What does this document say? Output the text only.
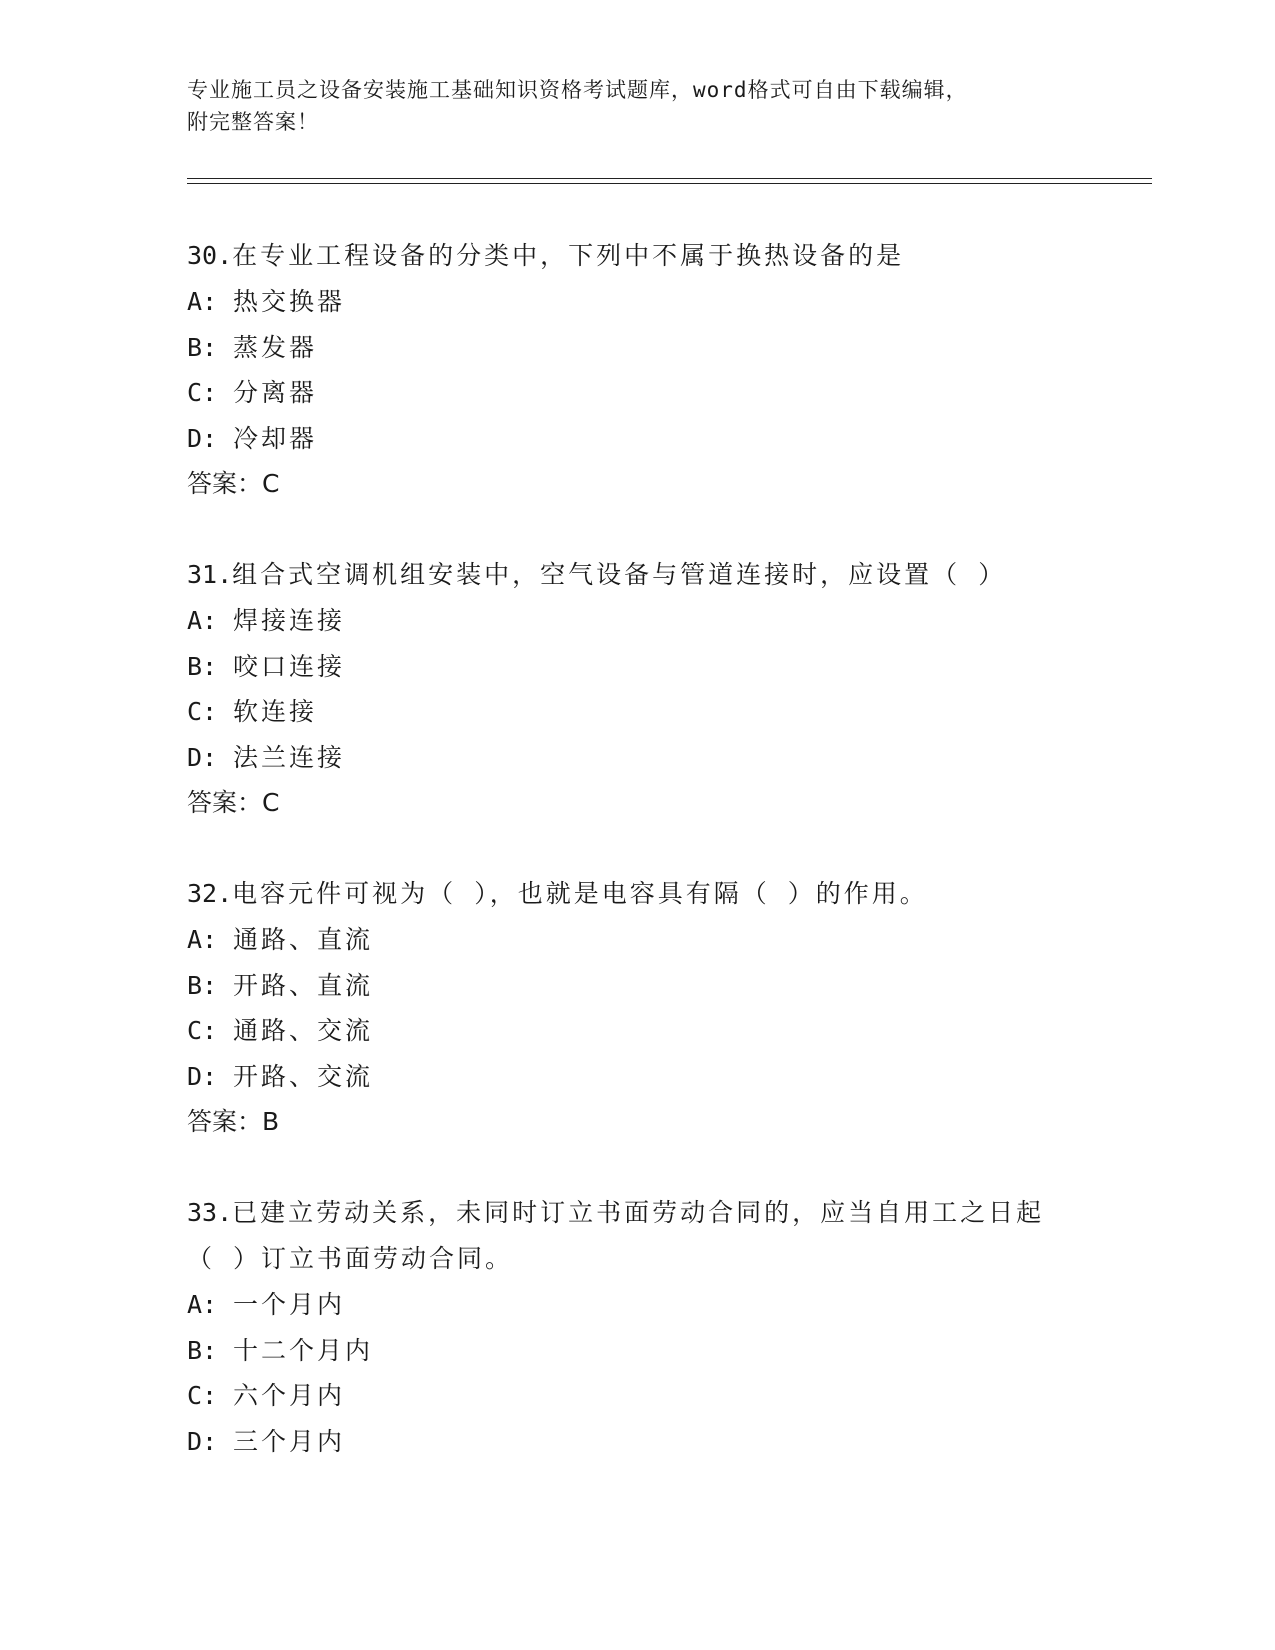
专业施工员之设备安装施工基础知识资格考试题库，word格式可自由下载编辑，
附完整答案！
30.在专业工程设备的分类中，下列中不属于换热设备的是
A: 热交换器
B: 蒸发器
C: 分离器
D: 冷却器
答案：C
31.组合式空调机组安装中，空气设备与管道连接时，应设置（ ）
A: 焊接连接
B: 咬口连接
C: 软连接
D: 法兰连接
答案：C
32.电容元件可视为（ ），也就是电容具有隔（ ）的作用。
A: 通路、直流
B: 开路、直流
C: 通路、交流
D: 开路、交流
答案：B
33.已建立劳动关系，未同时订立书面劳动合同的，应当自用工之日起
（ ）订立书面劳动合同。
A: 一个月内
B: 十二个月内
C: 六个月内
D: 三个月内
